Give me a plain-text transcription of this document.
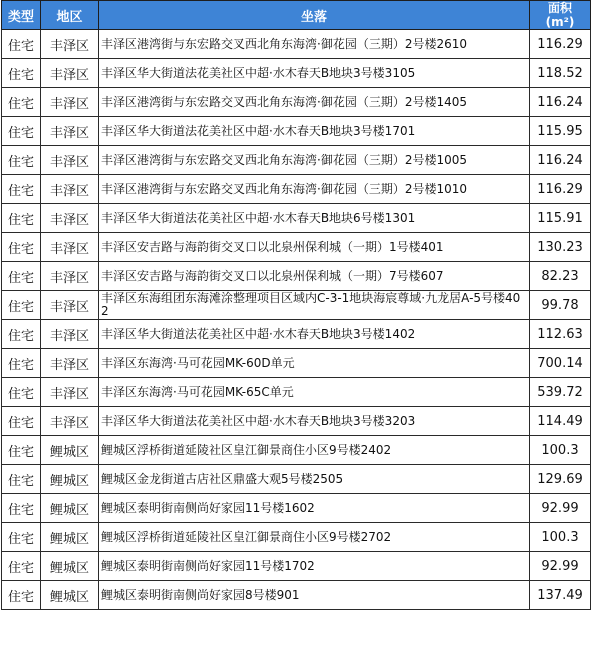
类型	地区	坐落	面积
(m²)
住宅	丰泽区	丰泽区港湾街与东宏路交叉西北角东海湾·御花园（三期）2号楼2610	116.29
住宅	丰泽区	丰泽区华大街道法花美社区中超·水木春天B地块3号楼3105	118.52
住宅	丰泽区	丰泽区港湾街与东宏路交叉西北角东海湾·御花园（三期）2号楼1405	116.24
住宅	丰泽区	丰泽区华大街道法花美社区中超·水木春天B地块3号楼1701	115.95
住宅	丰泽区	丰泽区港湾街与东宏路交叉西北角东海湾·御花园（三期）2号楼1005	116.24
住宅	丰泽区	丰泽区港湾街与东宏路交叉西北角东海湾·御花园（三期）2号楼1010	116.29
住宅	丰泽区	丰泽区华大街道法花美社区中超·水木春天B地块6号楼1301	115.91
住宅	丰泽区	丰泽区安吉路与海韵街交叉口以北泉州保利城（一期）1号楼401	130.23
住宅	丰泽区	丰泽区安吉路与海韵街交叉口以北泉州保利城（一期）7号楼607	82.23
住宅	丰泽区	丰泽区东海组团东海滩涂整理项目区域内C-3-1地块海宸尊域·九龙居A-5号楼402	99.78
住宅	丰泽区	丰泽区华大街道法花美社区中超·水木春天B地块3号楼1402	112.63
住宅	丰泽区	丰泽区东海湾·马可花园MK-60D单元	700.14
住宅	丰泽区	丰泽区东海湾·马可花园MK-65C单元	539.72
住宅	丰泽区	丰泽区华大街道法花美社区中超·水木春天B地块3号楼3203	114.49
住宅	鲤城区	鲤城区浮桥街道延陵社区皇江御景商住小区9号楼2402	100.3
住宅	鲤城区	鲤城区金龙街道古店社区鼎盛大观5号楼2505	129.69
住宅	鲤城区	鲤城区泰明街南侧尚好家园11号楼1602	92.99
住宅	鲤城区	鲤城区浮桥街道延陵社区皇江御景商住小区9号楼2702	100.3
住宅	鲤城区	鲤城区泰明街南侧尚好家园11号楼1702	92.99
住宅	鲤城区	鲤城区泰明街南侧尚好家园8号楼901	137.49
